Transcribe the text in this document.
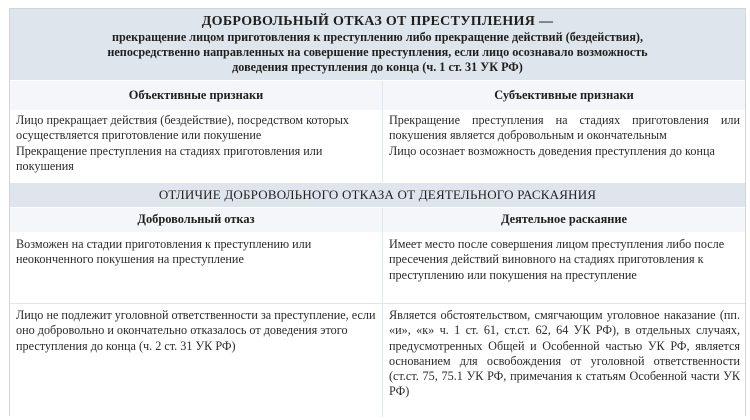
ДОБРОВОЛЬНЫЙ ОТКАЗ ОТ ПРЕСТУПЛЕНИЯ —
прекращение лицом приготовления к преступлению либо прекращение действий (бездействия),
непосредственно направленных на совершение преступления, если лицо осознавало возможность
доведения преступления до конца (ч. 1 ст. 31 УК РФ)
Объективные признаки	Субъективные признаки
Лицо прекращает действия (бездействие), посредством которых осуществляется приготовление или покушение
Прекращение преступления на стадиях приготовления или покушения
Прекращение преступления на стадиях приготовления или покушения является добровольным и окончательным
Лицо осознает возможность доведения преступления до конца
ОТЛИЧИЕ ДОБРОВОЛЬНОГО ОТКАЗА ОТ ДЕЯТЕЛЬНОГО РАСКАЯНИЯ
Добровольный отказ	Деятельное раскаяние
Возможен на стадии приготовления к преступлению или неоконченного покушения на преступление
Имеет место после совершения лицом преступления либо после пресечения действий виновного на стадиях приготовления к преступлению или покушения на преступление
Лицо не подлежит уголовной ответственности за преступление, если оно добровольно и окончательно отказалось от доведения этого преступления до конца (ч. 2 ст. 31 УК РФ)
Является обстоятельством, смягчающим уголовное наказание (пп. «и», «к» ч. 1 ст. 61, ст.ст. 62, 64 УК РФ), в отдельных случаях, предусмотренных Общей и Особенной частью УК РФ, является основанием для освобождения от уголовной ответственности (ст.ст. 75, 75.1 УК РФ, примечания к статьям Особенной части УК РФ)
